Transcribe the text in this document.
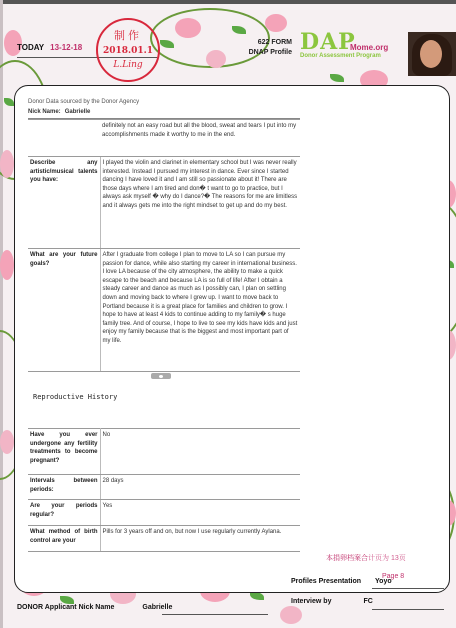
TODAY 13-12-18
制作
2018.01.1
L.Ling
622 FORM
DNAP Profile DAP
Mome.org
Donor Assessment Program
Donor Data sourced by the Donor Agency
Nick Name: Gabrielle
	definitely not an easy road but all the blood, sweat and tears I put into my accomplishments made it worthy to me in the end.
Describe any artistic/musical talents you have:	I played the violin and clarinet in elementary school but I was never really interested. Instead I pursued my interest in dance. Ever since I started dancing I have loved it and I am still so passionate about it! There are those days where I am tired and don� t want to go to practice, but I always ask myself � why do I dance?� The reasons for me are limitless and it always gets me into the right mindset to get up and do my best.
What are your future goals?	After I graduate from college I plan to move to LA so I can pursue my passion for dance, while also starting my career in international business. I love LA because of the city atmosphere, the ability to make a quick escape to the beach and because LA is so full of life! After I obtain a steady career and dance as much as I possibly can, I plan on settling down and moving back to where I grew up. I want to move back to Portland because it is a great place for families and children to grow. I hope to have at least 4 kids to continue adding to my family� s huge family tree. And of course, I hope to live to see my kids have kids and just enjoy my family because that is the biggest and most important part of my life.
Reproductive History
Have you ever undergone any fertility treatments to become pregnant?	No
Intervals between periods:	28 days
Are your periods regular?	Yes
What method of birth control are your	Pills for 3 years off and on, but now I use regularly currently Aylana.
本捐卵档案合计页为 13页
Page 8
Profiles Presentation Yoyo
Interview by	FC
DONOR Applicant Nick Name	Gabrielle
